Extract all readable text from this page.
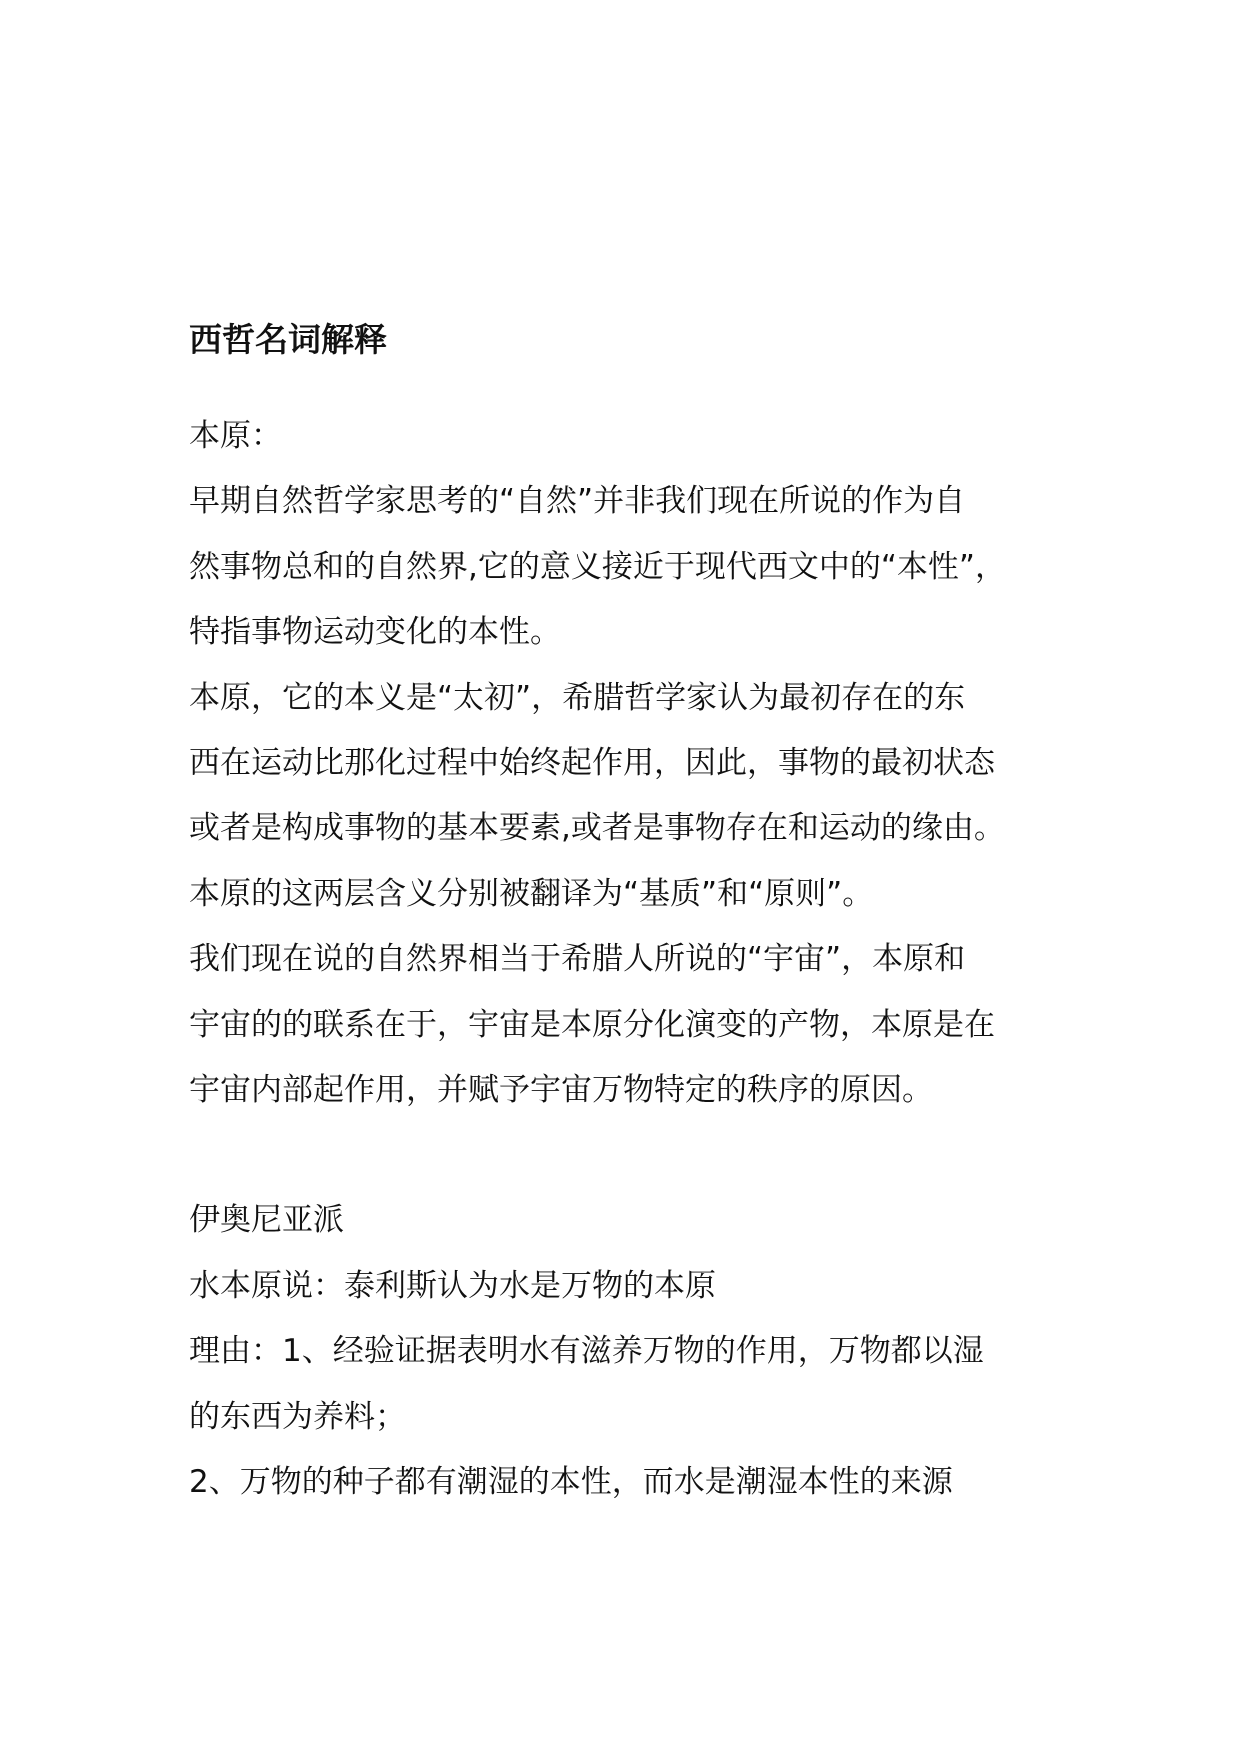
西哲名词解释

本原：

早期自然哲学家思考的“自然”并非我们现在所说的作为自

然事物总和的自然界,它的意义接近于现代西文中的“本性”，

特指事物运动变化的本性。

本原，它的本义是“太初”，希腊哲学家认为最初存在的东

西在运动比那化过程中始终起作用，因此，事物的最初状态

或者是构成事物的基本要素,或者是事物存在和运动的缘由。

本原的这两层含义分别被翻译为“基质”和“原则”。

我们现在说的自然界相当于希腊人所说的“宇宙”，本原和

宇宙的的联系在于，宇宙是本原分化演变的产物，本原是在

宇宙内部起作用，并赋予宇宙万物特定的秩序的原因。

伊奥尼亚派

水本原说：泰利斯认为水是万物的本原

理由：1、经验证据表明水有滋养万物的作用，万物都以湿

的东西为养料；

2、万物的种子都有潮湿的本性，而水是潮湿本性的来源
